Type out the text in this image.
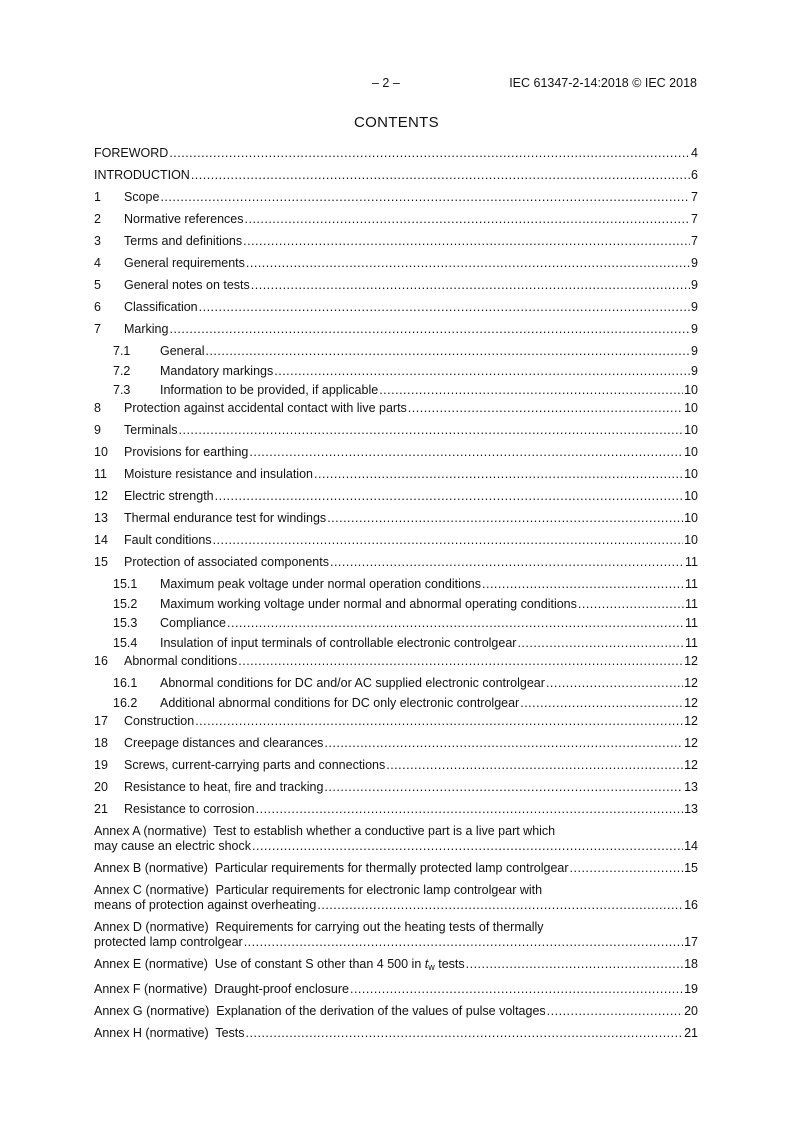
– 2 –	IEC 61347-2-14:2018 © IEC 2018
CONTENTS
FOREWORD .....	4
INTRODUCTION .....	6
1	Scope .....	7
2	Normative references .....	7
3	Terms and definitions .....	7
4	General requirements .....	9
5	General notes on tests .....	9
6	Classification .....	9
7	Marking .....	9
7.1	General .....	9
7.2	Mandatory markings .....	9
7.3	Information to be provided, if applicable .....	10
8	Protection against accidental contact with live parts .....	10
9	Terminals .....	10
10	Provisions for earthing .....	10
11	Moisture resistance and insulation .....	10
12	Electric strength .....	10
13	Thermal endurance test for windings .....	10
14	Fault conditions .....	10
15	Protection of associated components .....	11
15.1	Maximum peak voltage under normal operation conditions .....	11
15.2	Maximum working voltage under normal and abnormal operating conditions .....	11
15.3	Compliance .....	11
15.4	Insulation of input terminals of controllable electronic controlgear .....	11
16	Abnormal conditions .....	12
16.1	Abnormal conditions for DC and/or AC supplied electronic controlgear .....	12
16.2	Additional abnormal conditions for DC only electronic controlgear .....	12
17	Construction .....	12
18	Creepage distances and clearances .....	12
19	Screws, current-carrying parts and connections .....	12
20	Resistance to heat, fire and tracking .....	13
21	Resistance to corrosion .....	13
Annex A (normative) Test to establish whether a conductive part is a live part which
may cause an electric shock .....	14
Annex B (normative) Particular requirements for thermally protected lamp controlgear .....	15
Annex C (normative) Particular requirements for electronic lamp controlgear with
means of protection against overheating .....	16
Annex D (normative) Requirements for carrying out the heating tests of thermally
protected lamp controlgear .....	17
Annex E (normative) Use of constant S other than 4 500 in $t_w$ tests .....	18
Annex F (normative) Draught-proof enclosure .....	19
Annex G (normative) Explanation of the derivation of the values of pulse voltages .....	20
Annex H (normative) Tests .....	21
